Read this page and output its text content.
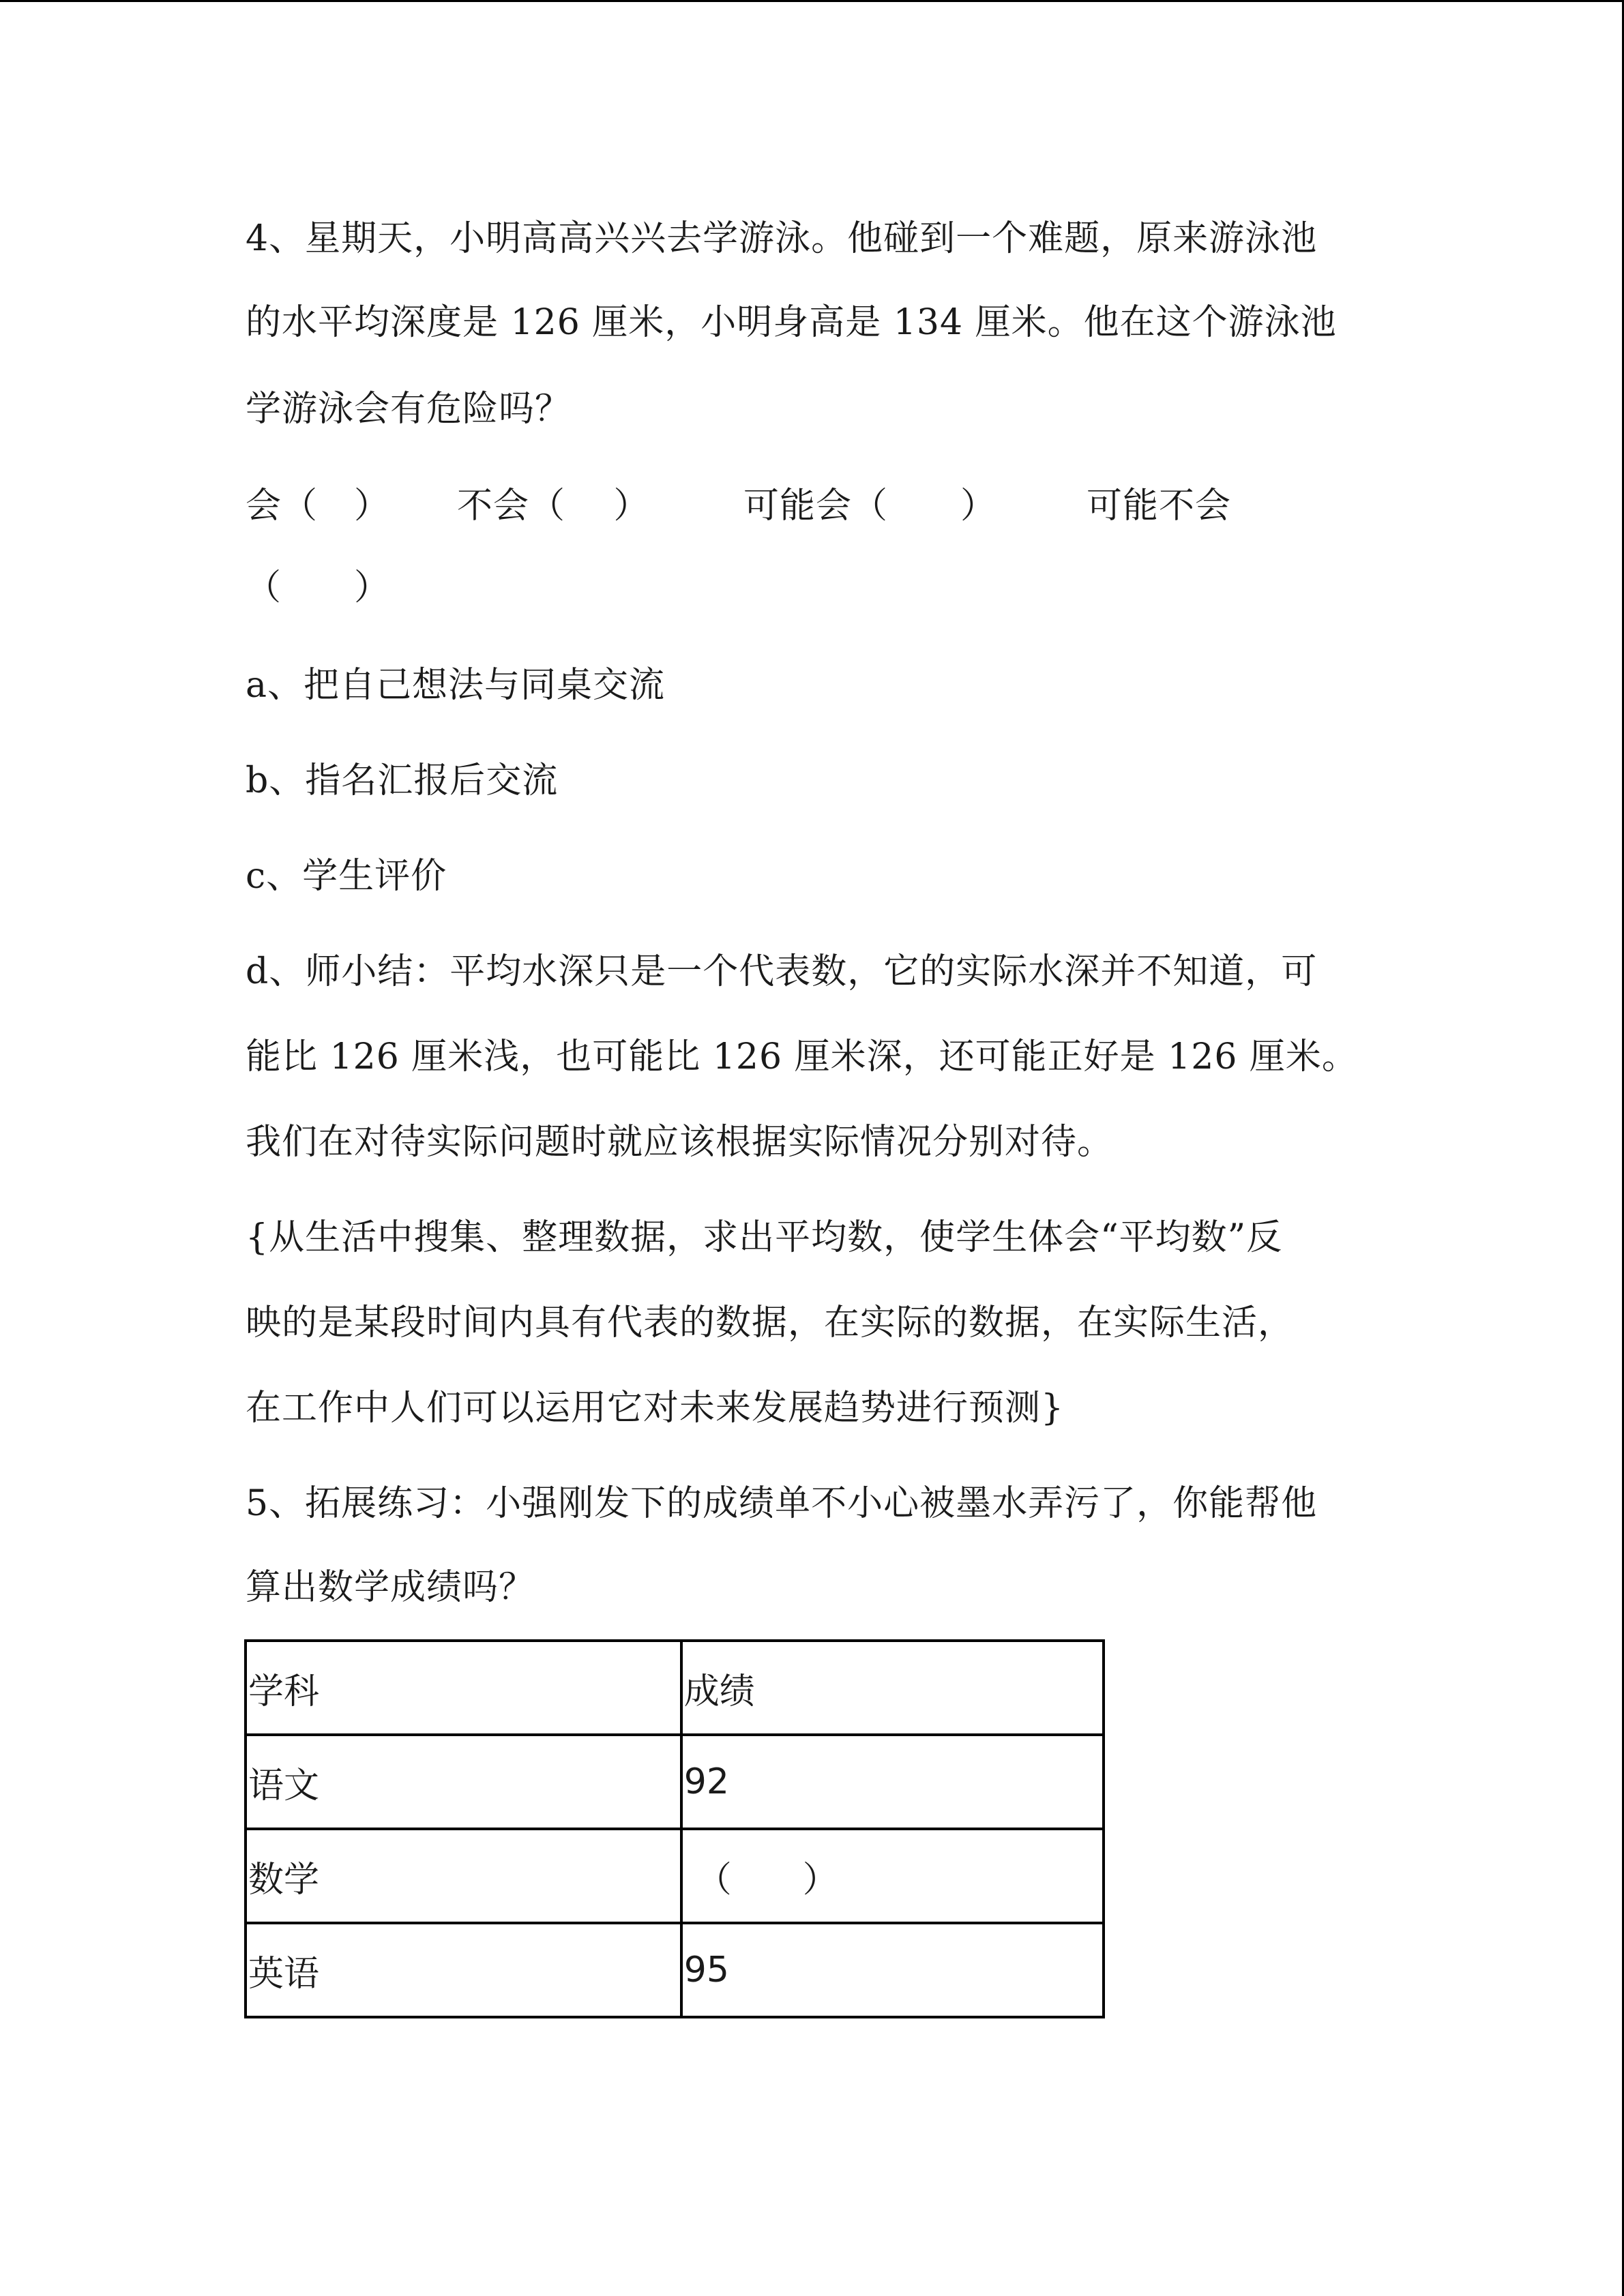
4、星期天，小明高高兴兴去学游泳。他碰到一个难题，原来游泳池
的水平均深度是 126 厘米，小明身高是 134 厘米。他在这个游泳池
学游泳会有危险吗？
会（　） 不会（　 ）	可能会（　　）	可能不会
（　　）
a、把自己想法与同桌交流
b、指名汇报后交流
c、学生评价
d、师小结：平均水深只是一个代表数，它的实际水深并不知道，可
能比 126 厘米浅，也可能比 126 厘米深，还可能正好是 126 厘米。
我们在对待实际问题时就应该根据实际情况分别对待。
{从生活中搜集、整理数据，求出平均数，使学生体会“平均数”反
映的是某段时间内具有代表的数据，在实际的数据，在实际生活，
在工作中人们可以运用它对未来发展趋势进行预测}
5、拓展练习：小强刚发下的成绩单不小心被墨水弄污了，你能帮他
算出数学成绩吗？
学科	成绩
语文	92
数学	（　　）
英语	95
